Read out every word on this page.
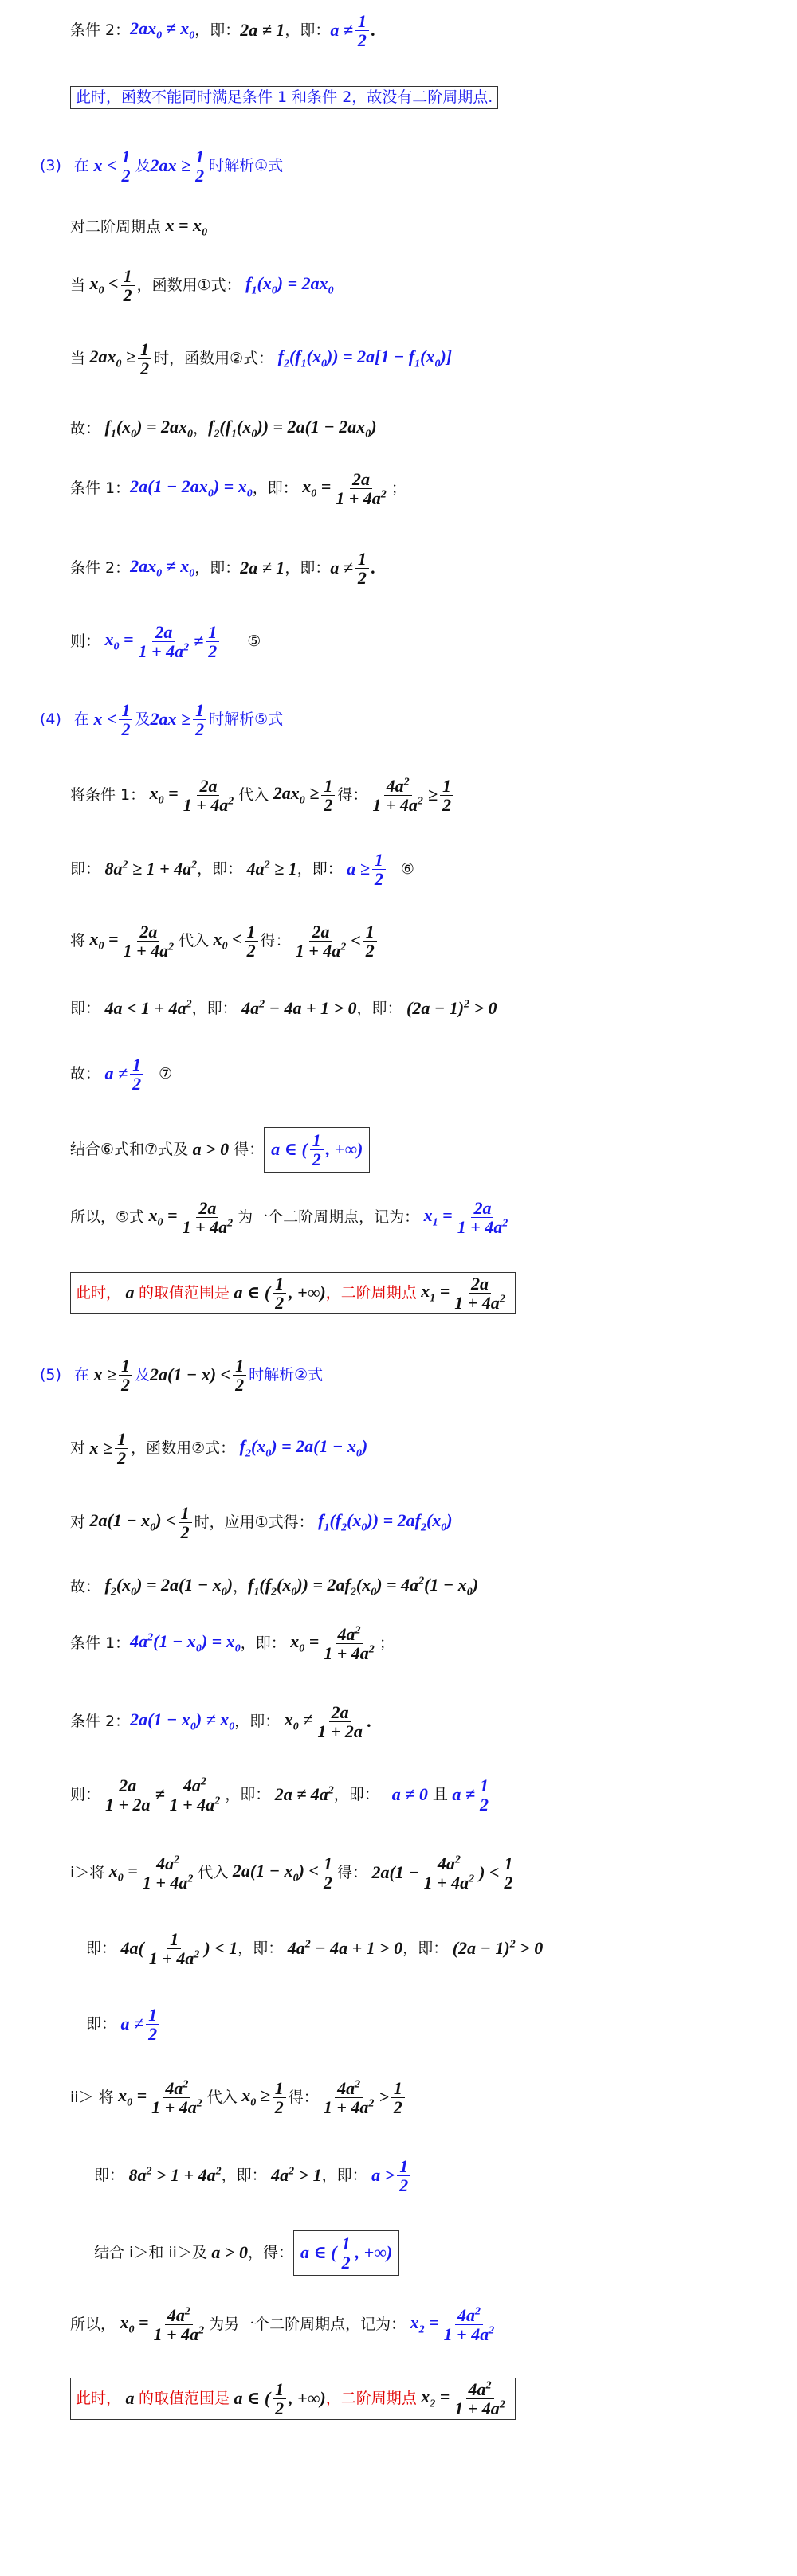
条件 2： $2ax_0 \ne x_0$ ，即： 2a ≠ 1 ，即： $a \ne \frac{1}{2}$ .
此时，函数不能同时满足条件 1 和条件 2，故没有二阶周期点.
(3) 在 $x < \frac{1}{2}$ 及 $2ax \ge \frac{1}{2}$ 时解析①式
对二阶周期点 $x = x_0$
当 $x_0 < \frac{1}{2}$ ，函数用①式： $f_1(x_0) = 2ax_0$
当 $2ax_0 \ge \frac{1}{2}$ 时，函数用②式： $f_2(f_1(x_0)) = 2a[1 - f_1(x_0)]$
故： $f_1(x_0) = 2ax_0$ ， $f_2(f_1(x_0)) = 2a(1 - 2ax_0)$
条件 1： $2a(1 - 2ax_0) = x_0$ ，即： $x_0 = \frac{2a}{1 + 4a^2}$ ；
条件 2： $2ax_0 \ne x_0$ ，即： 2a ≠ 1 ，即： $a \ne \frac{1}{2}$ .
则： $x_0 = \frac{2a}{1 + 4a^2} \ne \frac{1}{2}$ ⑤
(4) 在 $x < \frac{1}{2}$ 及 $2ax \ge \frac{1}{2}$ 时解析⑤式
将条件 1： $x_0 = \frac{2a}{1 + 4a^2}$ 代入 $2ax_0 \ge \frac{1}{2}$ 得： $\frac{4a^2}{1 + 4a^2} \ge \frac{1}{2}$
即： $8a^2 \ge 1 + 4a^2$ ，即： $4a^2 \ge 1$ ，即： $a \ge \frac{1}{2}$ ⑥
将 $x_0 = \frac{2a}{1 + 4a^2}$ 代入 $x_0 < \frac{1}{2}$ 得： $\frac{2a}{1 + 4a^2} < \frac{1}{2}$
即： $4a < 1 + 4a^2$ ，即： $4a^2 - 4a + 1 > 0$ ，即： $(2a - 1)^2 > 0$
故： $a \ne \frac{1}{2}$ ⑦
结合⑥式和⑦式及 a > 0 得： a ∈ ( $\frac{1}{2}$ , +∞)
所以，⑤式 $x_0 = \frac{2a}{1 + 4a^2}$ 为一个二阶周期点，记为： $x_1 = \frac{2a}{1 + 4a^2}$
此时， a 的取值范围是 a ∈ ( $\frac{1}{2}$ , +∞) ，二阶周期点 $x_1 = \frac{2a}{1 + 4a^2}$
(5) 在 $x \ge \frac{1}{2}$ 及 $2a(1 - x) < \frac{1}{2}$ 时解析②式
对 $x \ge \frac{1}{2}$ ，函数用②式： $f_2(x_0) = 2a(1 - x_0)$
对 $2a(1 - x_0) < \frac{1}{2}$ 时，应用①式得： $f_1(f_2(x_0)) = 2af_2(x_0)$
故： $f_2(x_0) = 2a(1 - x_0)$ ， $f_1(f_2(x_0)) = 2af_2(x_0) = 4a^2(1 - x_0)$
条件 1： $4a^2(1 - x_0) = x_0$ ，即： $x_0 = \frac{4a^2}{1 + 4a^2}$ ；
条件 2： $2a(1 - x_0) \ne x_0$ ，即： $x_0 \ne \frac{2a}{1 + 2a}$ .
则： $\frac{2a}{1 + 2a} \ne \frac{4a^2}{1 + 4a^2}$ ，即： $2a \ne 4a^2$ ，即： a ≠ 0 且 $a \ne \frac{1}{2}$
i＞将 $x_0 = \frac{4a^2}{1 + 4a^2}$ 代入 $2a(1 - x_0) < \frac{1}{2}$ 得： $2a(1 - \frac{4a^2}{1 + 4a^2}$ ) < $\frac{1}{2}$
即： $4a( \frac{1}{1 + 4a^2}$ ) < 1 ，即： $4a^2 - 4a + 1 > 0$ ，即： $(2a - 1)^2 > 0$
即： $a \ne \frac{1}{2}$
ii＞ 将 $x_0 = \frac{4a^2}{1 + 4a^2}$ 代入 $x_0 \ge \frac{1}{2}$ 得： $\frac{4a^2}{1 + 4a^2} > \frac{1}{2}$
即： $8a^2 > 1 + 4a^2$ ，即： $4a^2 > 1$ ，即： $a > \frac{1}{2}$
结合 i＞和 ii＞及 a > 0 ，得： a ∈ ( $\frac{1}{2}$ , +∞)
所以， $x_0 = \frac{4a^2}{1 + 4a^2}$ 为另一个二阶周期点，记为： $x_2 = \frac{4a^2}{1 + 4a^2}$
此时， a 的取值范围是 a ∈ ( $\frac{1}{2}$ , +∞) ，二阶周期点 $x_2 = \frac{4a^2}{1 + 4a^2}$
